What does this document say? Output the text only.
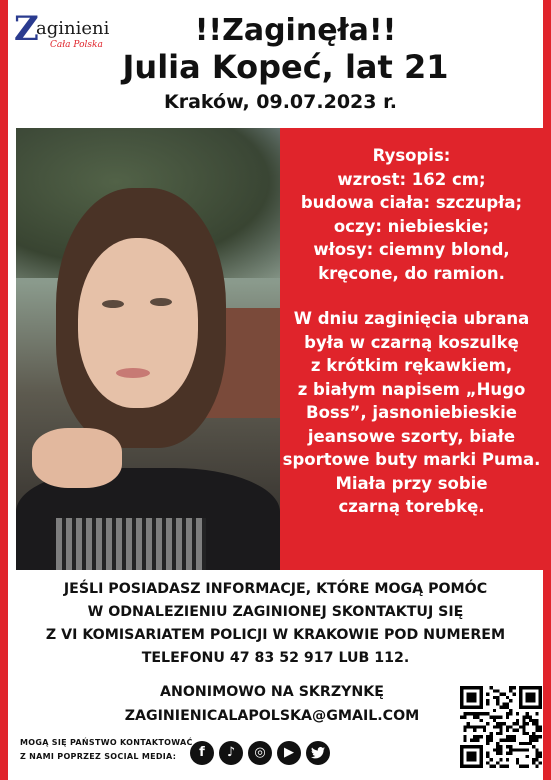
Z
aginieni
Cała Polska	!!Zaginęła!!
Julia Kopeć, lat 21
Kraków, 09.07.2023 r.
Rysopis:
wzrost: 162 cm;
budowa ciała: szczupła;
oczy: niebieskie;
włosy: ciemny blond,
kręcone, do ramion.
W dniu zaginięcia ubrana
była w czarną koszulkę
z krótkim rękawkiem,
z białym napisem „Hugo
Boss”, jasnoniebieskie
jeansowe szorty, białe
sportowe buty marki Puma.
Miała przy sobie
czarną torebkę.
JEŚLI POSIADASZ INFORMACJE, KTÓRE MOGĄ POMÓC
W ODNALEZIENIU ZAGINIONEJ SKONTAKTUJ SIĘ
Z VI KOMISARIATEM POLICJI W KRAKOWIE POD NUMEREM
TELEFONU 47 83 52 917 LUB 112.
ANONIMOWO NA SKRZYNKĘ
ZAGINIENICALAPOLSKA@GMAIL.COM
MOGĄ SIĘ PAŃSTWO KONTAKTOWAĆ
Z NAMI POPRZEZ SOCIAL MEDIA:	f	♪	◎	▶
